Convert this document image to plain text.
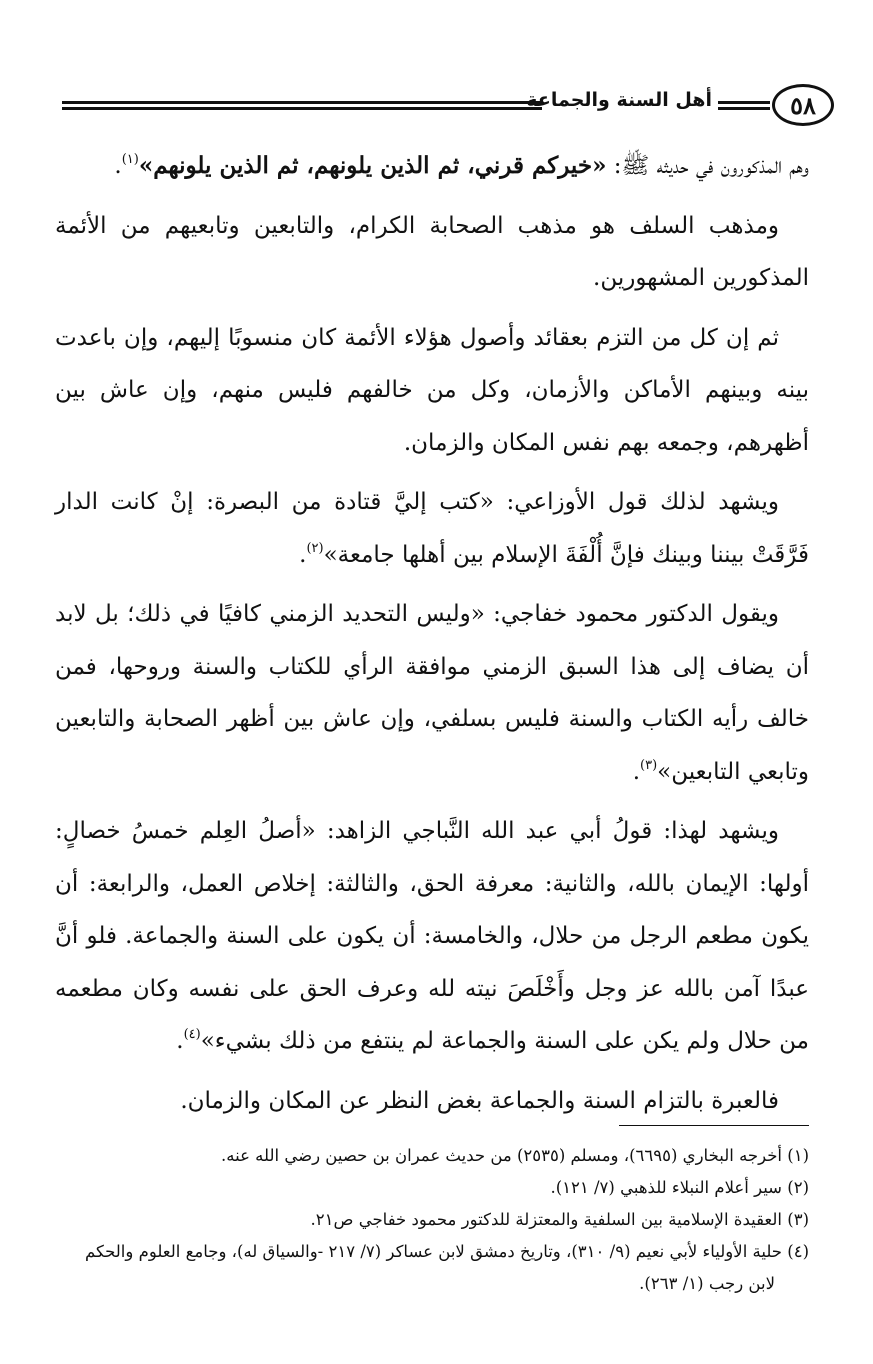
٥٨
أهل السنة والجماعة

وهم المذكورون في حديثه ﷺ: «خيركم قرني، ثم الذين يلونهم، ثم الذين يلونهم»$^{(١)}$.

ومذهب السلف هو مذهب الصحابة الكرام، والتابعين وتابعيهم من الأئمة المذكورين المشهورين.

ثم إن كل من التزم بعقائد وأصول هؤلاء الأئمة كان منسوبًا إليهم، وإن باعدت بينه وبينهم الأماكن والأزمان، وكل من خالفهم فليس منهم، وإن عاش بين أظهرهم، وجمعه بهم نفس المكان والزمان.

ويشهد لذلك قول الأوزاعي: «كتب إليَّ قتادة من البصرة: إنْ كانت الدار فَرَّقَتْ بيننا وبينك فإنَّ أُلْفَةَ الإسلام بين أهلها جامعة»$^{(٢)}$.

ويقول الدكتور محمود خفاجي: «وليس التحديد الزمني كافيًا في ذلك؛ بل لابد أن يضاف إلى هذا السبق الزمني موافقة الرأي للكتاب والسنة وروحها، فمن خالف رأيه الكتاب والسنة فليس بسلفي، وإن عاش بين أظهر الصحابة والتابعين وتابعي التابعين»$^{(٣)}$.

ويشهد لهذا: قولُ أبي عبد الله النَّباجي الزاهد: «أصلُ العِلم خمسُ خصالٍ: أولها: الإيمان بالله، والثانية: معرفة الحق، والثالثة: إخلاص العمل، والرابعة: أن يكون مطعم الرجل من حلال، والخامسة: أن يكون على السنة والجماعة. فلو أنَّ عبدًا آمن بالله عز وجل وأَخْلَصَ نيته لله وعرف الحق على نفسه وكان مطعمه من حلال ولم يكن على السنة والجماعة لم ينتفع من ذلك بشيء»$^{(٤)}$.

فالعبرة بالتزام السنة والجماعة بغض النظر عن المكان والزمان.

(١) أخرجه البخاري (٦٦٩٥)، ومسلم (٢٥٣٥) من حديث عمران بن حصين رضي الله عنه.

(٢) سير أعلام النبلاء للذهبي (٧/ ١٢١).

(٣) العقيدة الإسلامية بين السلفية والمعتزلة للدكتور محمود خفاجي ص٢١.

(٤) حلية الأولياء لأبي نعيم (٩/ ٣١٠)، وتاريخ دمشق لابن عساكر (٧/ ٢١٧ -والسياق له)، وجامع العلوم والحكم
لابن رجب (١/ ٢٦٣).
